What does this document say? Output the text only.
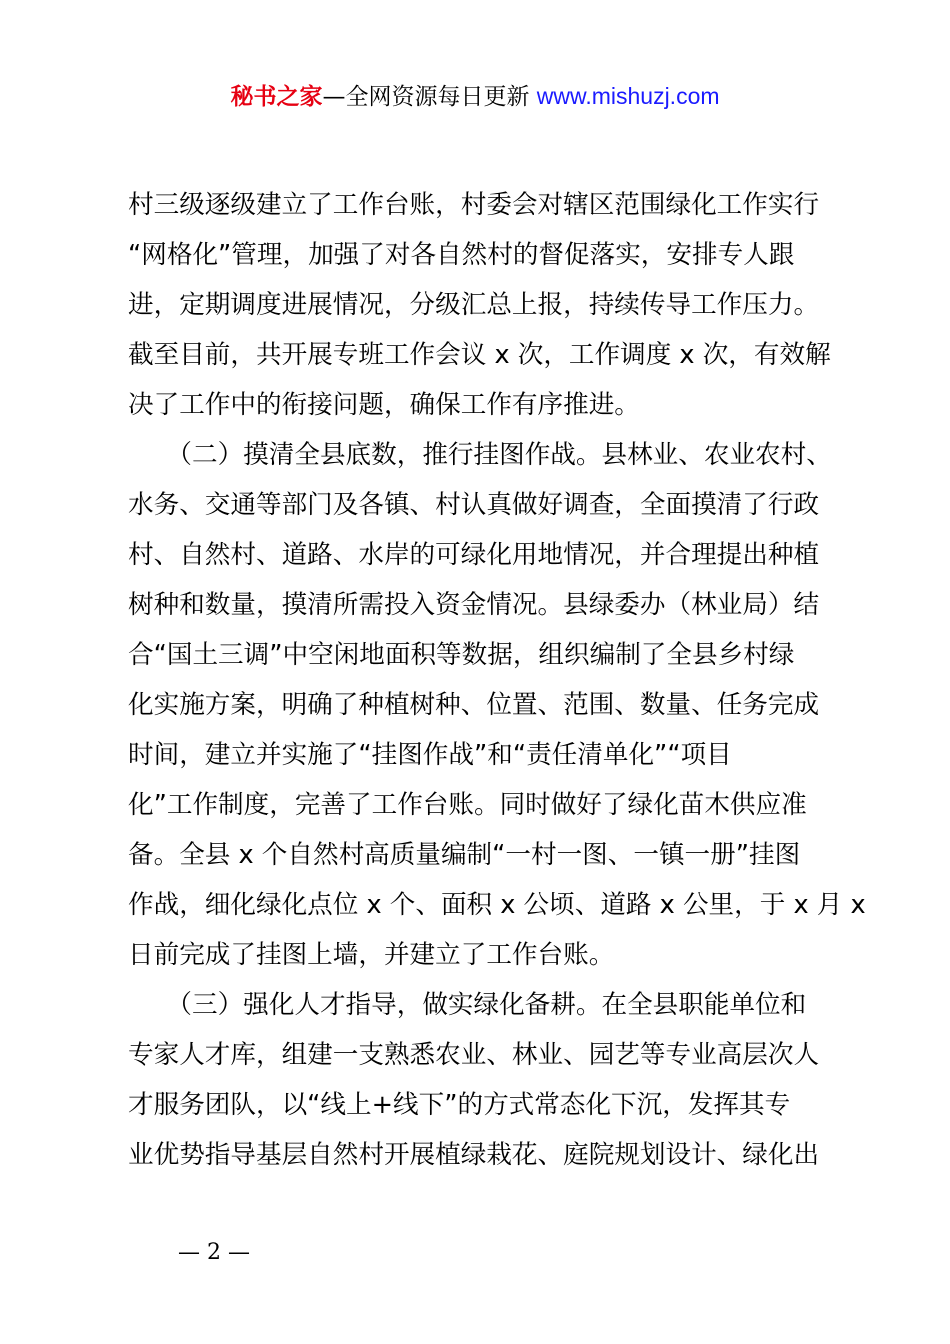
秘书之家—全网资源每日更新 www.mishuzj.com
村三级逐级建立了工作台账，村委会对辖区范围绿化工作实行
“网格化”管理，加强了对各自然村的督促落实，安排专人跟
进，定期调度进展情况，分级汇总上报，持续传导工作压力。
截至目前，共开展专班工作会议 x 次，工作调度 x 次，有效解
决了工作中的衔接问题，确保工作有序推进。
　　（二）摸清全县底数，推行挂图作战。县林业、农业农村、
水务、交通等部门及各镇、村认真做好调查，全面摸清了行政
村、自然村、道路、水岸的可绿化用地情况，并合理提出种植
树种和数量，摸清所需投入资金情况。县绿委办（林业局）结
合“国土三调”中空闲地面积等数据，组织编制了全县乡村绿
化实施方案，明确了种植树种、位置、范围、数量、任务完成
时间，建立并实施了“挂图作战”和“责任清单化”“项目
化”工作制度，完善了工作台账。同时做好了绿化苗木供应准
备。全县 x 个自然村高质量编制“一村一图、一镇一册”挂图
作战，细化绿化点位 x 个、面积 x 公顷、道路 x 公里，于 x 月 x
日前完成了挂图上墙，并建立了工作台账。
　　（三）强化人才指导，做实绿化备耕。在全县职能单位和
专家人才库，组建一支熟悉农业、林业、园艺等专业高层次人
才服务团队，以“线上+线下”的方式常态化下沉，发挥其专
业优势指导基层自然村开展植绿栽花、庭院规划设计、绿化出
— 2 —
